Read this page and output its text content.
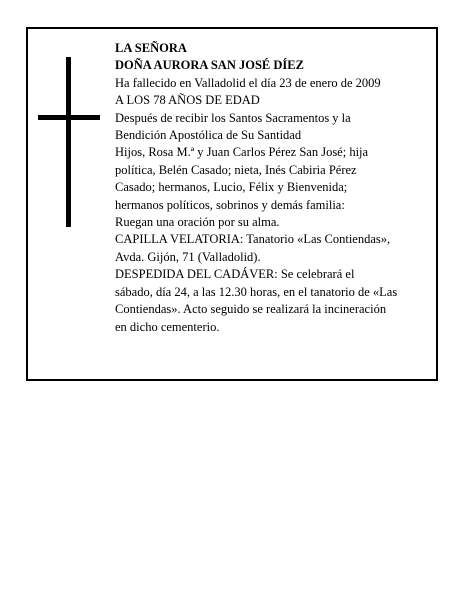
LA SEÑORA
DOÑA AURORA SAN JOSÉ DÍEZ
Ha fallecido en Valladolid el día 23 de enero de 2009
A LOS 78 AÑOS DE EDAD
Después de recibir los Santos Sacramentos y la
Bendición Apostólica de Su Santidad
Hijos, Rosa M.ª y Juan Carlos Pérez San José; hija
política, Belén Casado; nieta, Inés Cabiria Pérez
Casado; hermanos, Lucio, Félix y Bienvenida;
hermanos políticos, sobrinos y demás familia:
Ruegan una oración por su alma.
CAPILLA VELATORIA: Tanatorio «Las Contiendas»,
Avda. Gijón, 71 (Valladolid).
DESPEDIDA DEL CADÁVER: Se celebrará el
sábado, día 24, a las 12.30 horas, en el tanatorio de «Las
Contiendas». Acto seguido se realizará la incineración
en dicho cementerio.
